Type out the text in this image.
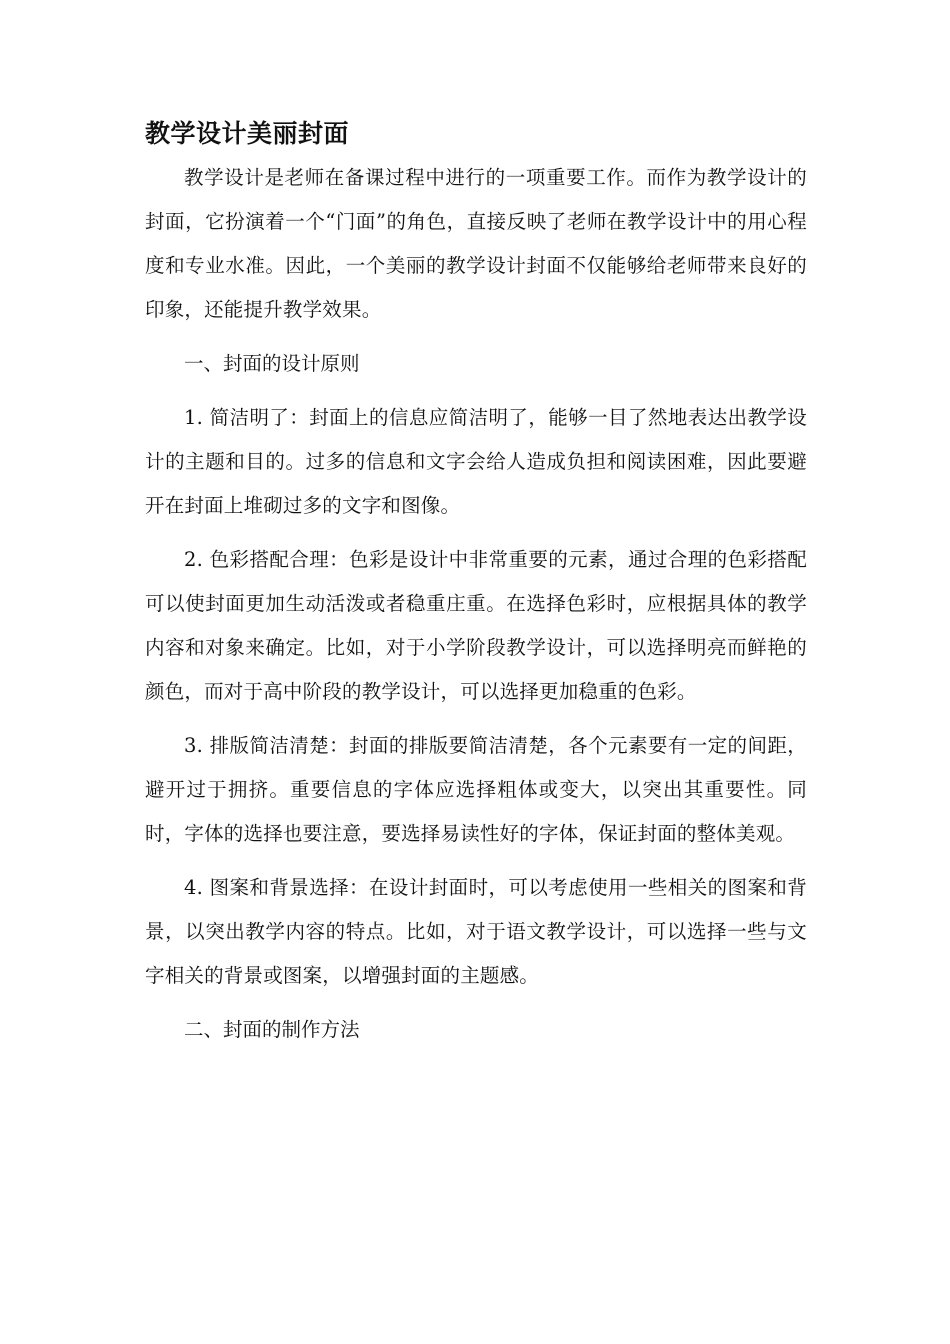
教学设计美丽封面

教学设计是老师在备课过程中进行的一项重要工作。而作为教学设计的封面，它扮演着一个“门面”的角色，直接反映了老师在教学设计中的用心程度和专业水准。因此，一个美丽的教学设计封面不仅能够给老师带来良好的印象，还能提升教学效果。

一、封面的设计原则

1. 简洁明了：封面上的信息应简洁明了，能够一目了然地表达出教学设计的主题和目的。过多的信息和文字会给人造成负担和阅读困难，因此要避开在封面上堆砌过多的文字和图像。

2. 色彩搭配合理：色彩是设计中非常重要的元素，通过合理的色彩搭配可以使封面更加生动活泼或者稳重庄重。在选择色彩时，应根据具体的教学内容和对象来确定。比如，对于小学阶段教学设计，可以选择明亮而鲜艳的颜色，而对于高中阶段的教学设计，可以选择更加稳重的色彩。

3. 排版简洁清楚：封面的排版要简洁清楚，各个元素要有一定的间距，避开过于拥挤。重要信息的字体应选择粗体或变大，以突出其重要性。同时，字体的选择也要注意，要选择易读性好的字体，保证封面的整体美观。

4. 图案和背景选择：在设计封面时，可以考虑使用一些相关的图案和背景，以突出教学内容的特点。比如，对于语文教学设计，可以选择一些与文字相关的背景或图案，以增强封面的主题感。

二、封面的制作方法
